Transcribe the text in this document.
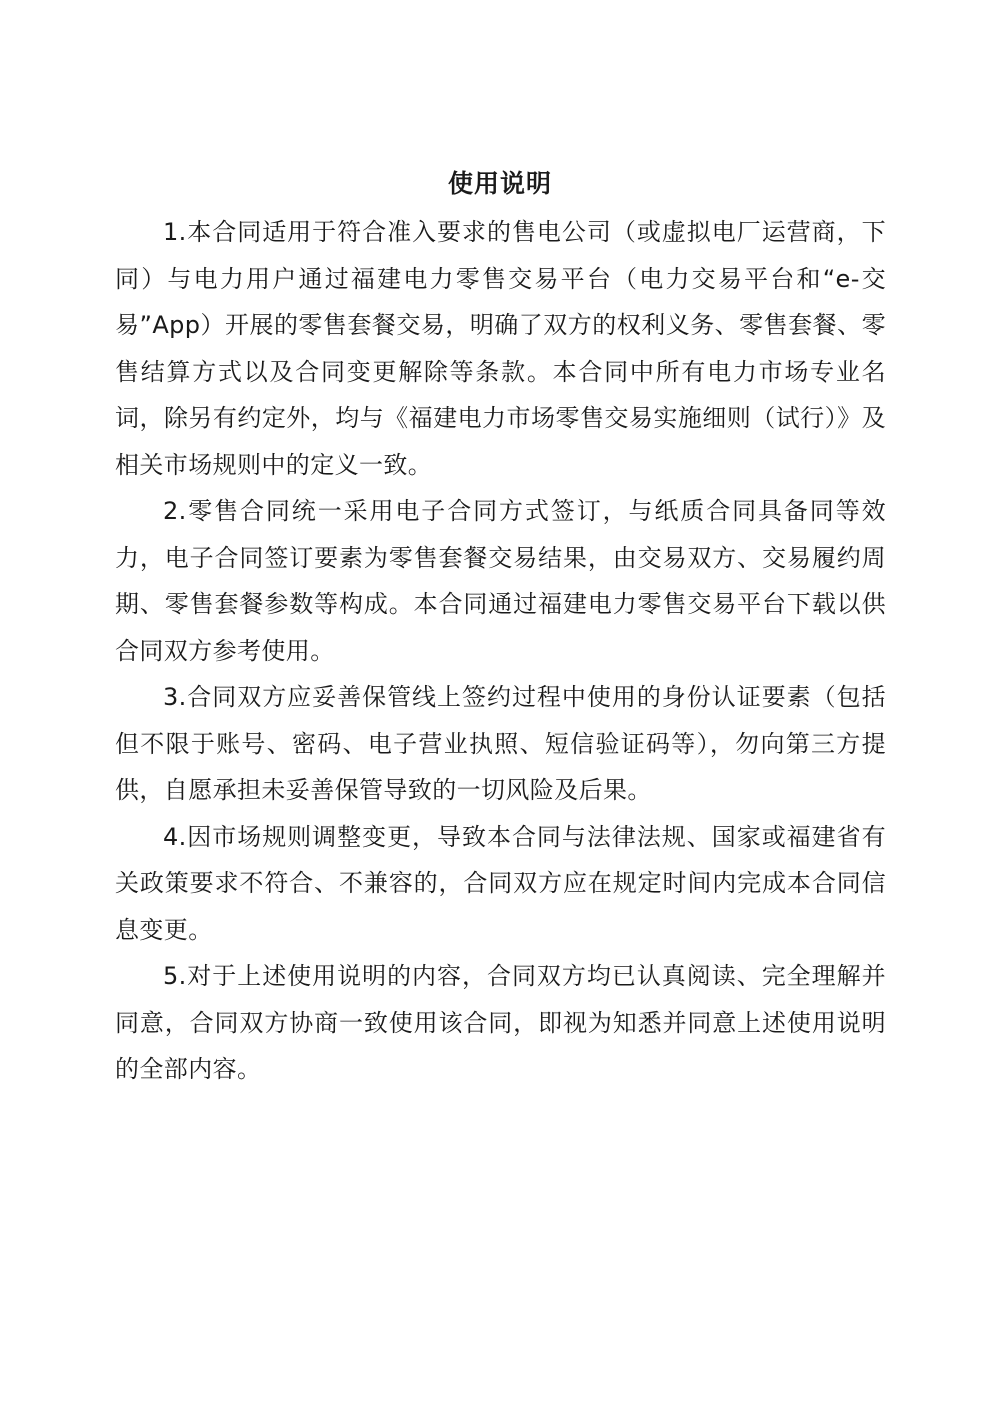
使用说明

1.本合同适用于符合准入要求的售电公司（或虚拟电厂运营商，下同）与电力用户通过福建电力零售交易平台（电力交易平台和“e-交易”App）开展的零售套餐交易，明确了双方的权利义务、零售套餐、零售结算方式以及合同变更解除等条款。本合同中所有电力市场专业名词，除另有约定外，均与《福建电力市场零售交易实施细则（试行）》及相关市场规则中的定义一致。

2.零售合同统一采用电子合同方式签订，与纸质合同具备同等效力，电子合同签订要素为零售套餐交易结果，由交易双方、交易履约周期、零售套餐参数等构成。本合同通过福建电力零售交易平台下载以供合同双方参考使用。

3.合同双方应妥善保管线上签约过程中使用的身份认证要素（包括但不限于账号、密码、电子营业执照、短信验证码等），勿向第三方提供，自愿承担未妥善保管导致的一切风险及后果。

4.因市场规则调整变更，导致本合同与法律法规、国家或福建省有关政策要求不符合、不兼容的，合同双方应在规定时间内完成本合同信息变更。

5.对于上述使用说明的内容，合同双方均已认真阅读、完全理解并同意，合同双方协商一致使用该合同，即视为知悉并同意上述使用说明的全部内容。
